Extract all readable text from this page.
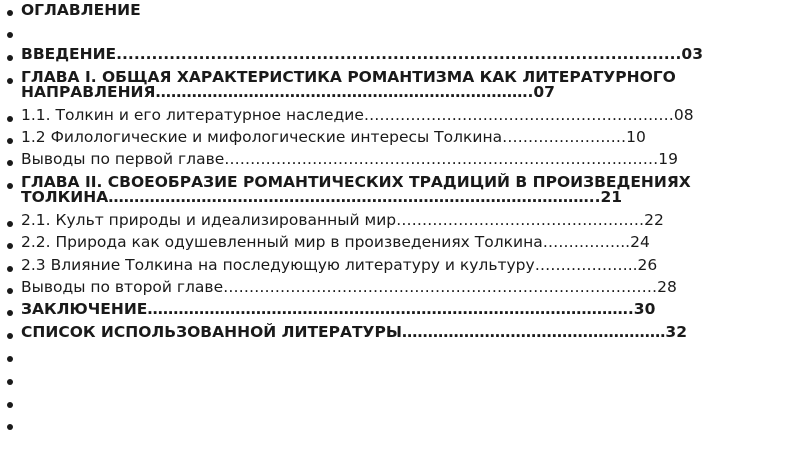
ОГЛАВЛЕНИЕ
ВВЕДЕНИЕ................................................................................................03
ГЛАВА I. ОБЩАЯ ХАРАКТЕРИСТИКА РОМАНТИЗМА КАК ЛИТЕРАТУРНОГО
НАПРАВЛЕНИЯ……………………………………………………………….07
1.1. Толкин и его литературное наследие……………………………………………………08
1.2 Филологические и мифологические интересы Толкина……………………10
Выводы по первой главе…………………………………………………………………………19
ГЛАВА II. СВОЕОБРАЗИЕ РОМАНТИЧЕСКИХ ТРАДИЦИЙ В ПРОИЗВЕДЕНИЯХ
ТОЛКИНА…………………………………………………………………………………..21
2.1. Культ природы и идеализированный мир…………………………………………22
2.2. Природа как одушевленный мир в произведениях Толкина……………..24
2.3 Влияние Толкина на последующую литературу и культуру………………..26
Выводы по второй главе…………………………………………………………………………28
ЗАКЛЮЧЕНИЕ………………………………………………………………………………….30
СПИСОК ИСПОЛЬЗОВАННОЙ ЛИТЕРАТУРЫ……………………………………………32
